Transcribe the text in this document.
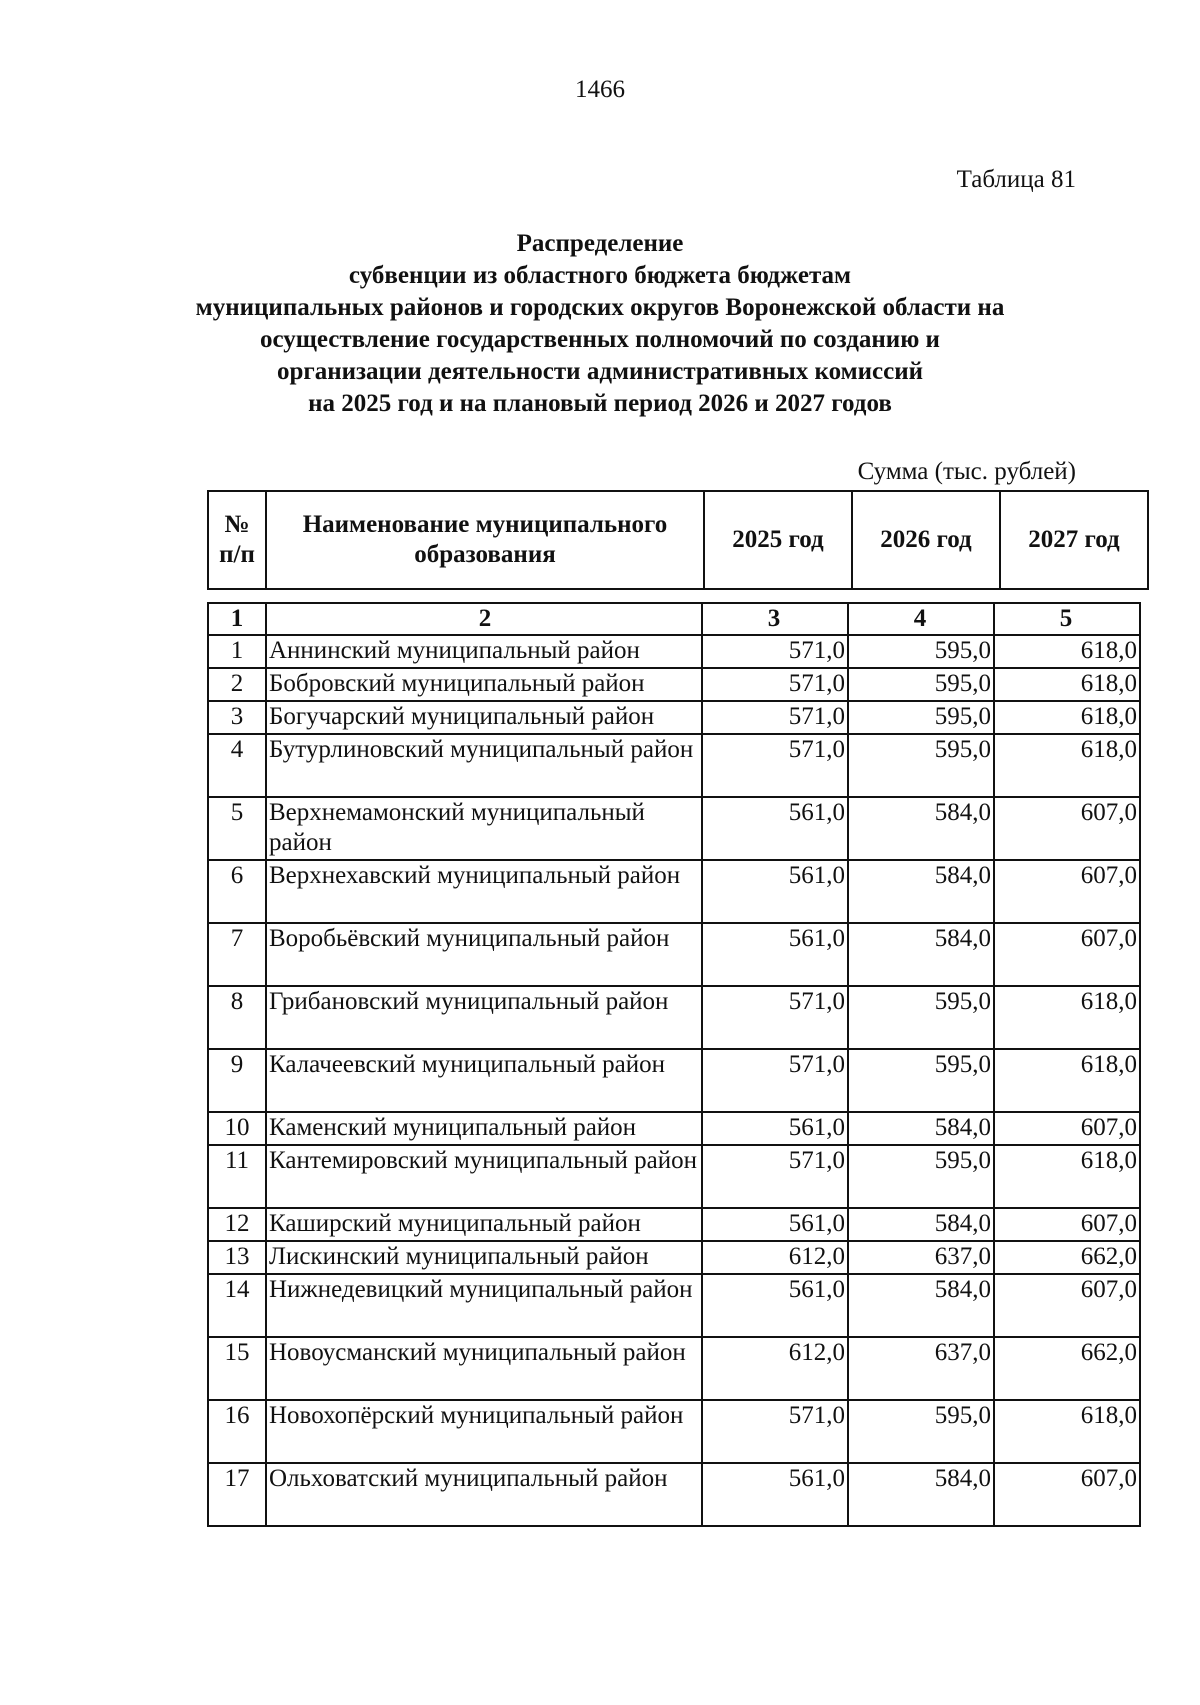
1466
Таблица 81
Распределение
субвенции из областного бюджета бюджетам
муниципальных районов и городских округов Воронежской области на
осуществление государственных полномочий по созданию и
организации деятельности административных комиссий
на 2025 год и на плановый период 2026 и 2027 годов
Сумма (тыс. рублей)
№ п/п	Наименование муниципального образования	2025 год	2026 год	2027 год
1	2	3	4	5
1	Аннинский муниципальный район	571,0	595,0	618,0
2	Бобровский муниципальный район	571,0	595,0	618,0
3	Богучарский муниципальный район	571,0	595,0	618,0
4	Бутурлиновский муниципальный район	571,0	595,0	618,0
5	Верхнемамонский муниципальный район	561,0	584,0	607,0
6	Верхнехавский муниципальный район	561,0	584,0	607,0
7	Воробьёвский муниципальный район	561,0	584,0	607,0
8	Грибановский муниципальный район	571,0	595,0	618,0
9	Калачеевский муниципальный район	571,0	595,0	618,0
10	Каменский муниципальный район	561,0	584,0	607,0
11	Кантемировский муниципальный район	571,0	595,0	618,0
12	Каширский муниципальный район	561,0	584,0	607,0
13	Лискинский муниципальный район	612,0	637,0	662,0
14	Нижнедевицкий муниципальный район	561,0	584,0	607,0
15	Новоусманский муниципальный район	612,0	637,0	662,0
16	Новохопёрский муниципальный район	571,0	595,0	618,0
17	Ольховатский муниципальный район	561,0	584,0	607,0
